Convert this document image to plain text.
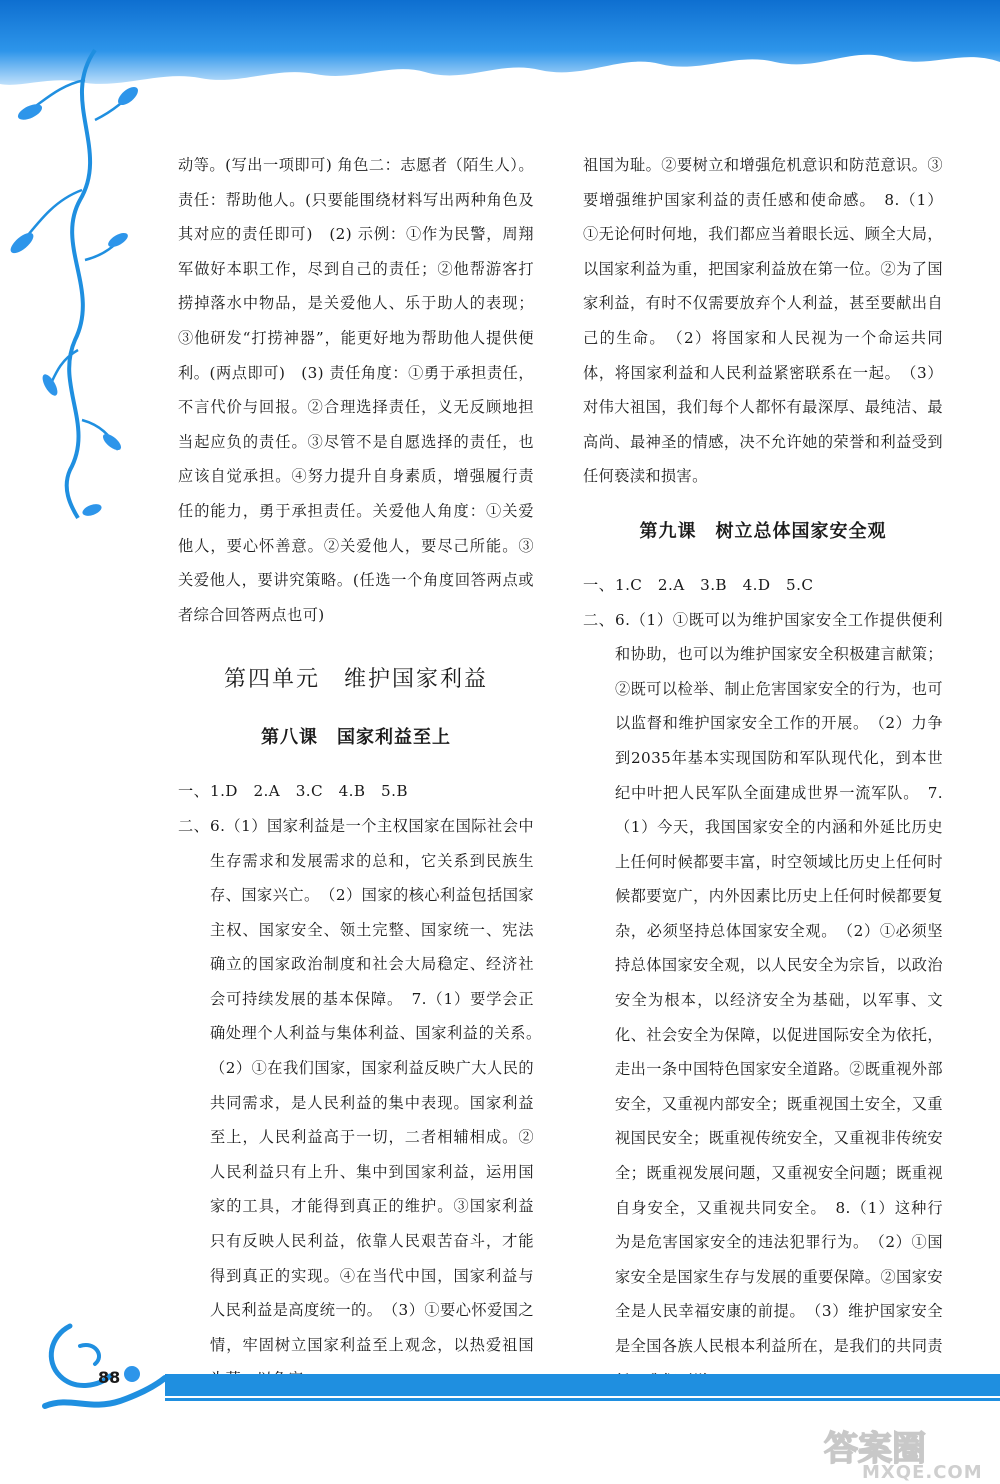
动等。(写出一项即可) 角色二：志愿者（陌生人）。责任：帮助他人。(只要能围绕材料写出两种角色及其对应的责任即可)　(2) 示例：①作为民警，周翔军做好本职工作，尽到自己的责任；②他帮游客打捞掉落水中物品，是关爱他人、乐于助人的表现；③他研发“打捞神器”，能更好地为帮助他人提供便利。(两点即可)　(3) 责任角度：①勇于承担责任，不言代价与回报。②合理选择责任，义无反顾地担当起应负的责任。③尽管不是自愿选择的责任，也应该自觉承担。④努力提升自身素质，增强履行责任的能力，勇于承担责任。关爱他人角度：①关爱他人，要心怀善意。②关爱他人，要尽己所能。③关爱他人，要讲究策略。(任选一个角度回答两点或者综合回答两点也可)

第四单元　维护国家利益
第八课　国家利益至上

一、1.D　2.A　3.C　4.B　5.B

二、6.（1）国家利益是一个主权国家在国际社会中生存需求和发展需求的总和，它关系到民族生存、国家兴亡。　（2）国家的核心利益包括国家主权、国家安全、领土完整、国家统一、宪法确立的国家政治制度和社会大局稳定、经济社会可持续发展的基本保障。　7.（1）要学会正确处理个人利益与集体利益、国家利益的关系。　（2）①在我们国家，国家利益反映广大人民的共同需求，是人民利益的集中表现。国家利益至上，人民利益高于一切，二者相辅相成。②人民利益只有上升、集中到国家利益，运用国家的工具，才能得到真正的维护。③国家利益只有反映人民利益，依靠人民艰苦奋斗，才能得到真正的实现。④在当代中国，国家利益与人民利益是高度统一的。　（3）①要心怀爱国之情，牢固树立国家利益至上观念，以热爱祖国

祖国为耻。②要树立和增强危机意识和防范意识。③要增强维护国家利益的责任感和使命感。　8.（1）①无论何时何地，我们都应当着眼长远、顾全大局，以国家利益为重，把国家利益放在第一位。②为了国家利益，有时不仅需要放弃个人利益，甚至要献出自己的生命。　（2）将国家和人民视为一个命运共同体，将国家利益和人民利益紧密联系在一起。　（3）对伟大祖国，我们每个人都怀有最深厚、最纯洁、最高尚、最神圣的情感，决不允许她的荣誉和利益受到任何亵渎和损害。

第九课　树立总体国家安全观

一、1.C　2.A　3.B　4.D　5.C

二、6.（1）①既可以为维护国家安全工作提供便利和协助，也可以为维护国家安全积极建言献策；②既可以检举、制止危害国家安全的行为，也可以监督和维护国家安全工作的开展。　（2）力争到2035年基本实现国防和军队现代化，到本世纪中叶把人民军队全面建成世界一流军队。　7.（1）今天，我国国家安全的内涵和外延比历史上任何时候都要丰富，时空领域比历史上任何时候都要宽广，内外因素比历史上任何时候都要复杂，必须坚持总体国家安全观。　（2）①必须坚持总体国家安全观，以人民安全为宗旨，以政治安全为根本，以经济安全为基础，以军事、文化、社会安全为保障，以促进国际安全为依托，走出一条中国特色国家安全道路。②既重视外部安全，又重视内部安全；既重视国土安全，又重视国民安全；既重视传统安全，又重视非传统安全；既重视发展问题，又重视安全问题；既重视自身安全，又重视共同安全。　8.（1）这种行为是危害国家安全的违法犯罪行为。　（2）①国家安全是国家生存与发展的重要保障。②国家安全是人民幸福安康的前提。　（3）维护国家安全是全国各族人民根本利益所在，是我们的共同责

88
答案圈
MXQE.COM
